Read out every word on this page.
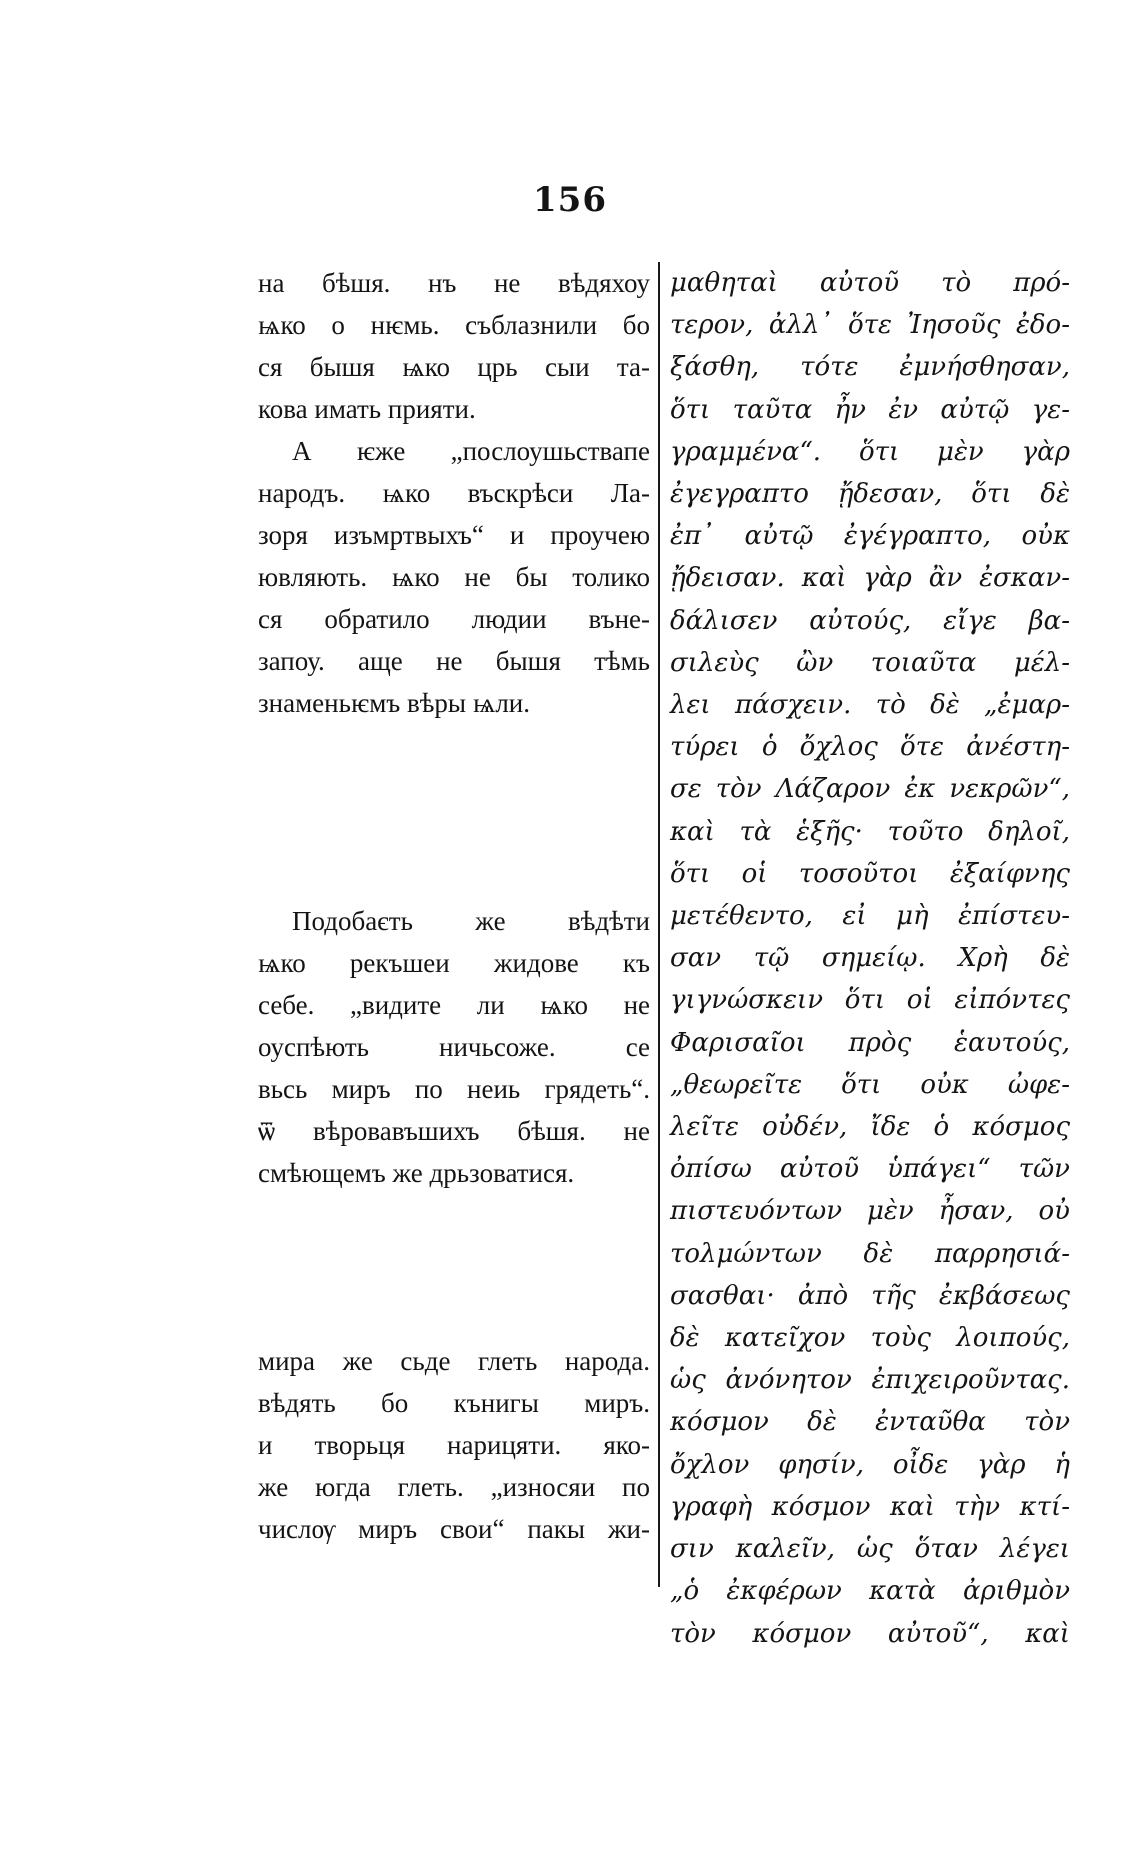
156
на бѣшя. нъ не вѣдяхоу
ѩко о нѥмь. съблазнили бо
ся бышя ѩко црь сыи та-
кова имать прияти.
А ѥже „послоушьствапе
народъ. ѩко въскрѣси Ла-
зоря изъмртвыхъ“ и проучею
ювляють. ѩко не бы толико
ся обратило людии вънe-
запоу. аще не бышя тѣмь
знаменьѥмъ вѣры ѩли.
Подобаєть же вѣдѣти
ѩко рекъшеи жидове къ
себе. „видите ли ѩко не
оуспѣють ничьсоже. се
вьсь миръ по неиь грядеть“.
ѿ вѣровавъшихъ бѣшя. не
смѣющемъ же дрьзоватися.
мира же сьде глеть народа.
вѣдять бо кънигы миръ.
и творьця нарицяти. яко-
же югда глеть. „износяи по
числѹ миръ свои“ пакы жи-
μαθηταὶ αὐτοῦ τὸ πρό-
τερον, ἀλλ᾽ ὅτε Ἰησοῦς ἐδο-
ξάσθη, τότε ἐμνήσθησαν,
ὅτι ταῦτα ἦν ἐν αὐτῷ γε-
γραμμένα“. ὅτι μὲν γὰρ
ἐγεγραπτο ᾔδεσαν, ὅτι δὲ
ἐπ᾽ αὐτῷ ἐγέγραπτο, οὐκ
ᾔδεισαν. καὶ γὰρ ἂν ἐσκαν-
δάλισεν αὐτούς, εἴγε βα-
σιλεὺς ὢν τοιαῦτα μέλ-
λει πάσχειν. τὸ δὲ „ἐμαρ-
τύρει ὁ ὄχλος ὅτε ἀνέστη-
σε τὸν Λάζαρον ἐκ νεκρῶν“,
καὶ τὰ ἑξῆς· τοῦτο δηλοῖ,
ὅτι οἱ τοσοῦτοι ἐξαίφνης
μετέθεντο, εἰ μὴ ἐπίστευ-
σαν τῷ σημείῳ. Χρὴ δὲ
γιγνώσκειν ὅτι οἱ εἰπόντες
Φαρισαῖοι πρὸς ἑαυτούς,
„θεωρεῖτε ὅτι οὐκ ὠφε-
λεῖτε οὐδέν, ἴδε ὁ κόσμος
ὀπίσω αὐτοῦ ὑπάγει“ τῶν
πιστευόντων μὲν ἦσαν, οὐ
τολμώντων δὲ παρρησιά-
σασθαι· ἀπὸ τῆς ἐκβάσεως
δὲ κατεῖχον τοὺς λοιπούς,
ὡς ἀνόνητον ἐπιχειροῦντας.
κόσμον δὲ ἐνταῦθα τὸν
ὄχλον φησίν, οἶδε γὰρ ἡ
γραφὴ κόσμον καὶ τὴν κτί-
σιν καλεῖν, ὡς ὅταν λέγει
„ὁ ἐκφέρων κατὰ ἀριθμὸν
τὸν κόσμον αὐτοῦ“, καὶ
